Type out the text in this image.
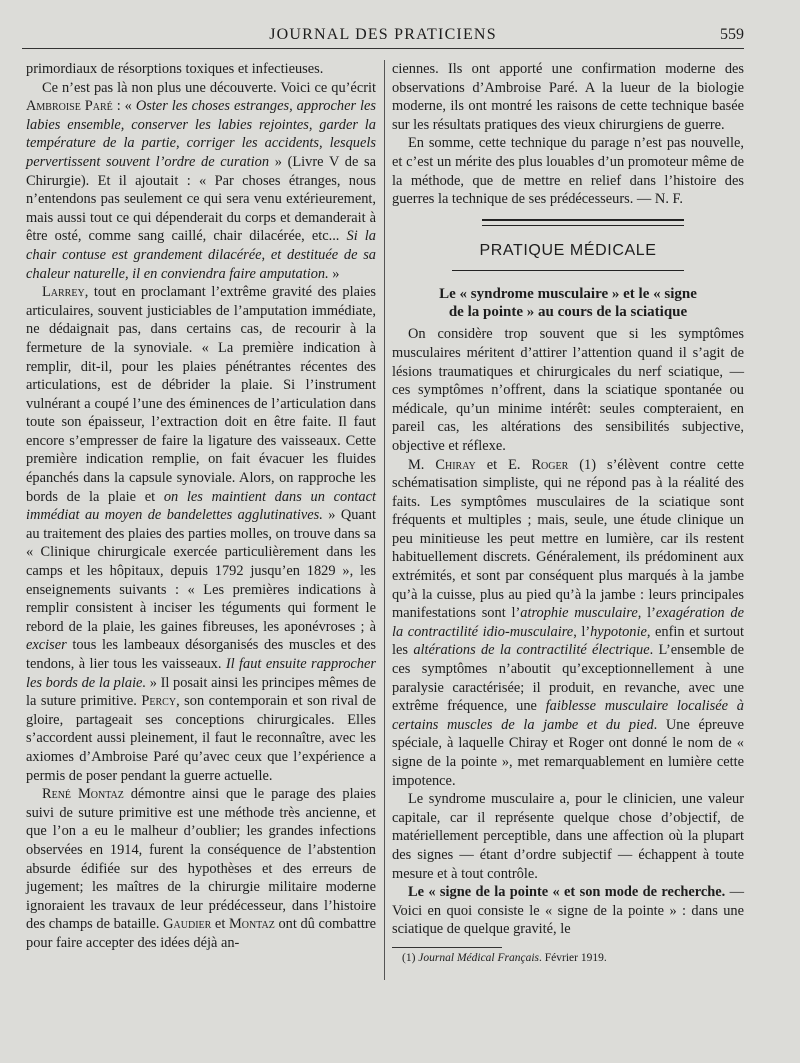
JOURNAL DES PRATICIENS	559

primordiaux de résorptions toxiques et infectieuses.

Ce n’est pas là non plus une découverte. Voici ce qu’écrit Ambroise Paré : « Oster les choses estranges, approcher les labies ensemble, conserver les labies rejointes, garder la température de la partie, corriger les accidents, lesquels pervertissent souvent l’ordre de curation » (Livre V de sa Chirurgie). Et il ajoutait : « Par choses étranges, nous n’entendons pas seulement ce qui sera venu extérieurement, mais aussi tout ce qui dépenderait du corps et demanderait à être osté, comme sang caillé, chair dilacérée, etc... Si la chair contuse est grandement dilacérée, et destituée de sa chaleur naturelle, il en conviendra faire amputation. »

Larrey, tout en proclamant l’extrême gravité des plaies articulaires, souvent justiciables de l’amputation immédiate, ne dédaignait pas, dans certains cas, de recourir à la fermeture de la synoviale. « La première indication à remplir, dit-il, pour les plaies pénétrantes récentes des articulations, est de débrider la plaie. Si l’instrument vulnérant a coupé l’une des éminences de l’articulation dans toute son épaisseur, l’extraction doit en être faite. Il faut encore s’empresser de faire la ligature des vaisseaux. Cette première indication remplie, on fait évacuer les fluides épanchés dans la capsule synoviale. Alors, on rapproche les bords de la plaie et on les maintient dans un contact immédiat au moyen de bandelettes agglutinatives. » Quant au traitement des plaies des parties molles, on trouve dans sa « Clinique chirurgicale exercée particulièrement dans les camps et les hôpitaux, depuis 1792 jusqu’en 1829 », les enseignements suivants : « Les premières indications à remplir consistent à inciser les téguments qui forment le rebord de la plaie, les gaines fibreuses, les aponévroses ; à exciser tous les lambeaux désorganisés des muscles et des tendons, à lier tous les vaisseaux. Il faut ensuite rapprocher les bords de la plaie. » Il posait ainsi les principes mêmes de la suture primitive. Percy, son contemporain et son rival de gloire, partageait ses conceptions chirurgicales. Elles s’accordent aussi pleinement, il faut le reconnaître, avec les axiomes d’Ambroise Paré qu’avec ceux que l’expérience a permis de poser pendant la guerre actuelle.

René Montaz démontre ainsi que le parage des plaies suivi de suture primitive est une méthode très ancienne, et que l’on a eu le malheur d’oublier; les grandes infections observées en 1914, furent la conséquence de l’abstention absurde édifiée sur des hypothèses et des erreurs de jugement; les maîtres de la chirurgie militaire moderne ignoraient les travaux de leur prédécesseur, dans l’histoire des champs de bataille. Gaudier et Montaz ont dû combattre pour faire accepter des idées déjà an-

ciennes. Ils ont apporté une confirmation moderne des observations d’Ambroise Paré. A la lueur de la biologie moderne, ils ont montré les raisons de cette technique basée sur les résultats pratiques des vieux chirurgiens de guerre.

En somme, cette technique du parage n’est pas nouvelle, et c’est un mérite des plus louables d’un promoteur même de la méthode, que de mettre en relief dans l’histoire des guerres la technique de ses prédécesseurs. — N. F.

PRATIQUE MÉDICALE
Le « syndrome musculaire » et le « signe
de la pointe » au cours de la sciatique

On considère trop souvent que si les symptômes musculaires méritent d’attirer l’attention quand il s’agit de lésions traumatiques et chirurgicales du nerf sciatique, — ces symptômes n’offrent, dans la sciatique spontanée ou médicale, qu’un minime intérêt: seules compteraient, en pareil cas, les altérations des sensibilités subjective, objective et réflexe.

M. Chiray et E. Roger (1) s’élèvent contre cette schématisation simpliste, qui ne répond pas à la réalité des faits. Les symptômes musculaires de la sciatique sont fréquents et multiples ; mais, seule, une étude clinique un peu minitieuse les peut mettre en lumière, car ils restent habituellement discrets. Généralement, ils prédominent aux extrémités, et sont par conséquent plus marqués à la jambe qu’à la cuisse, plus au pied qu’à la jambe : leurs principales manifestations sont l’atrophie musculaire, l’exagération de la contractilité idio-musculaire, l’hypotonie, enfin et surtout les altérations de la contractilité électrique. L’ensemble de ces symptômes n’aboutit qu’exceptionnellement à une paralysie caractérisée; il produit, en revanche, avec une extrême fréquence, une faiblesse musculaire localisée à certains muscles de la jambe et du pied. Une épreuve spéciale, à laquelle Chiray et Roger ont donné le nom de « signe de la pointe », met remarquablement en lumière cette impotence.

Le syndrome musculaire a, pour le clinicien, une valeur capitale, car il représente quelque chose d’objectif, de matériellement perceptible, dans une affection où la plupart des signes — étant d’ordre subjectif — échappent à toute mesure et à tout contrôle.

Le « signe de la pointe « et son mode de recherche. — Voici en quoi consiste le « signe de la pointe » : dans une sciatique de quelque gravité, le

(1) Journal Médical Français. Février 1919.
